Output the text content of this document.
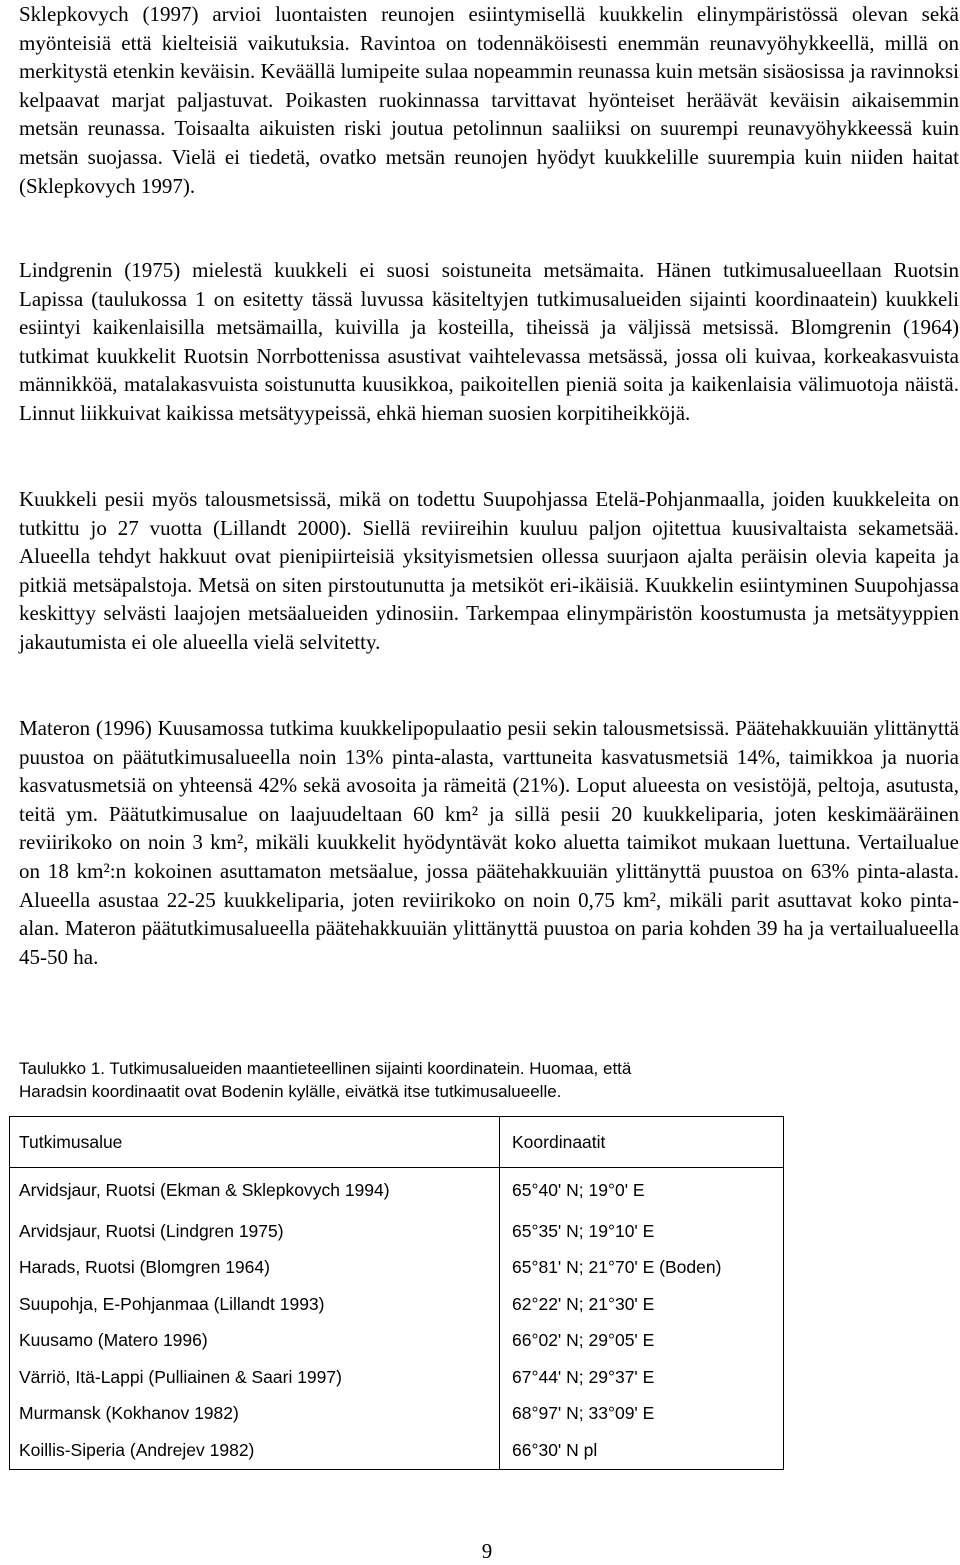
Sklepkovych (1997) arvioi luontaisten reunojen esiintymisellä kuukkelin elinympäristössä olevan sekä myönteisiä että kielteisiä vaikutuksia. Ravintoa on todennäköisesti enemmän reunavyöhykkeellä, millä on merkitystä etenkin keväisin. Keväällä lumipeite sulaa nopeammin reunassa kuin metsän sisäosissa ja ravinnoksi kelpaavat marjat paljastuvat. Poikasten ruokinnassa tarvittavat hyönteiset heräävät keväisin aikaisemmin metsän reunassa. Toisaalta aikuisten riski joutua petolinnun saaliiksi on suurempi reunavyöhykkeessä kuin metsän suojassa. Vielä ei tiedetä, ovatko metsän reunojen hyödyt kuukkelille suurempia kuin niiden haitat (Sklepkovych 1997).

Lindgrenin (1975) mielestä kuukkeli ei suosi soistuneita metsämaita. Hänen tutkimusalueellaan Ruotsin Lapissa (taulukossa 1 on esitetty tässä luvussa käsiteltyjen tutkimusalueiden sijainti koordinaatein) kuukkeli esiintyi kaikenlaisilla metsämailla, kuivilla ja kosteilla, tiheissä ja väljissä metsissä. Blomgrenin (1964) tutkimat kuukkelit Ruotsin Norrbottenissa asustivat vaihtelevassa metsässä, jossa oli kuivaa, korkeakasvuista männikköä, matalakasvuista soistunutta kuusikkoa, paikoitellen pieniä soita ja kaikenlaisia välimuotoja näistä. Linnut liikkuivat kaikissa metsätyypeissä, ehkä hieman suosien korpitiheikköjä.

Kuukkeli pesii myös talousmetsissä, mikä on todettu Suupohjassa Etelä-Pohjanmaalla, joiden kuukkeleita on tutkittu jo 27 vuotta (Lillandt 2000). Siellä reviireihin kuuluu paljon ojitettua kuusivaltaista sekametsää. Alueella tehdyt hakkuut ovat pienipiirteisiä yksityismetsien ollessa suurjaon ajalta peräisin olevia kapeita ja pitkiä metsäpalstoja. Metsä on siten pirstoutunutta ja metsiköt eri-ikäisiä. Kuukkelin esiintyminen Suupohjassa keskittyy selvästi laajojen metsäalueiden ydinosiin. Tarkempaa elinympäristön koostumusta ja metsätyyppien jakautumista ei ole alueella vielä selvitetty.

Materon (1996) Kuusamossa tutkima kuukkelipopulaatio pesii sekin talousmetsissä. Päätehakkuuiän ylittänyttä puustoa on päätutkimusalueella noin 13% pinta-alasta, varttuneita kasvatusmetsiä 14%, taimikkoa ja nuoria kasvatusmetsiä on yhteensä 42% sekä avosoita ja rämeitä (21%). Loput alueesta on vesistöjä, peltoja, asutusta, teitä ym. Päätutkimusalue on laajuudeltaan 60 km² ja sillä pesii 20 kuukkeliparia, joten keskimääräinen reviirikoko on noin 3 km², mikäli kuukkelit hyödyntävät koko aluetta taimikot mukaan luettuna. Vertailualue on 18 km²:n kokoinen asuttamaton metsäalue, jossa päätehakkuuiän ylittänyttä puustoa on 63% pinta-alasta. Alueella asustaa 22-25 kuukkeliparia, joten reviirikoko on noin 0,75 km², mikäli parit asuttavat koko pinta-alan. Materon päätutkimusalueella päätehakkuuiän ylittänyttä puustoa on paria kohden 39 ha ja vertailualueella 45-50 ha.

Taulukko 1. Tutkimusalueiden maantieteellinen sijainti koordinatein. Huomaa, että
Haradsin koordinaatit ovat Bodenin kylälle, eivätkä itse tutkimusalueelle.

Tutkimusalue	Koordinaatit
Arvidsjaur, Ruotsi (Ekman & Sklepkovych 1994)	65°40' N; 19°0' E
Arvidsjaur, Ruotsi (Lindgren 1975)	65°35' N; 19°10' E
Harads, Ruotsi (Blomgren 1964)	65°81' N; 21°70' E (Boden)
Suupohja, E-Pohjanmaa (Lillandt 1993)	62°22' N; 21°30' E
Kuusamo (Matero 1996)	66°02' N; 29°05' E
Värriö, Itä-Lappi (Pulliainen & Saari 1997)	67°44' N; 29°37' E
Murmansk (Kokhanov 1982)	68°97' N; 33°09' E
Koillis-Siperia (Andrejev 1982)	66°30' N pl
9
